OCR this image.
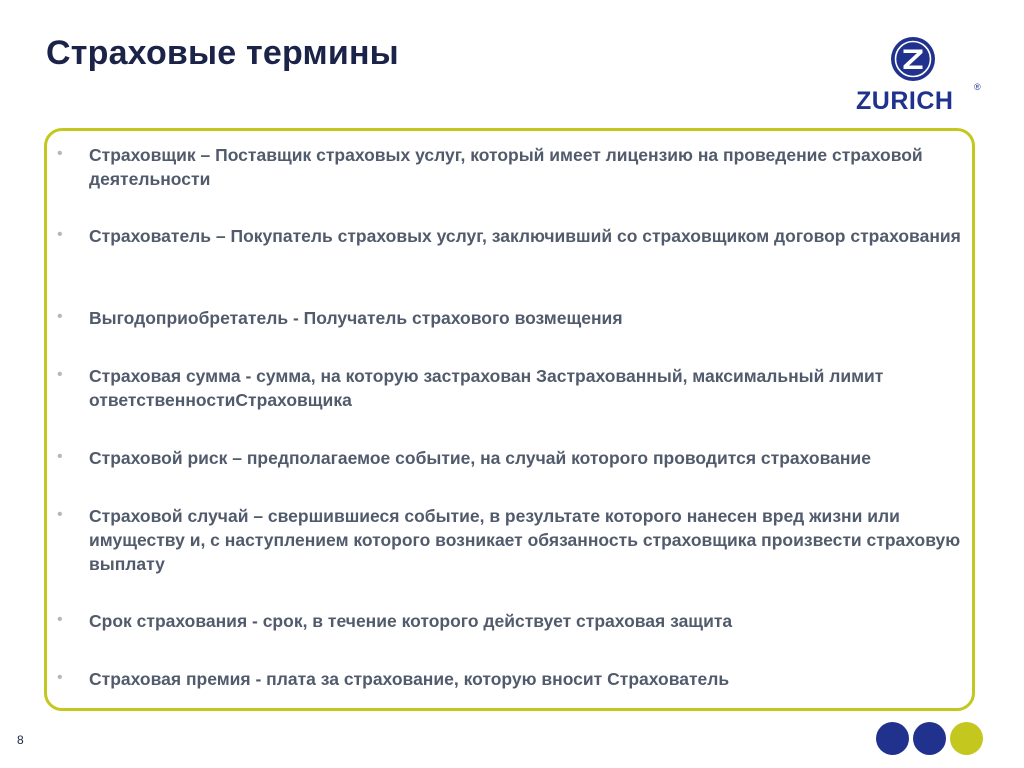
Страховые термины
ZURICH ®
• Страховщик – Поставщик страховых услуг, который имеет лицензию на проведение страховой деятельности
• Страхователь – Покупатель страховых услуг, заключивший со страховщиком договор страхования
• Выгодоприобретатель - Получатель страхового возмещения
• Страховая сумма - сумма, на которую застрахован Застрахованный, максимальный лимит ответственностиСтраховщика
• Страховой риск – предполагаемое событие, на случай которого проводится страхование
• Страховой случай – свершившиеся событие, в результате которого нанесен вред жизни или имуществу и, с наступлением которого возникает обязанность страховщика произвести страховую выплату
• Срок страхования - срок, в течение которого действует страховая защита
• Страховая премия - плата за страхование, которую вносит Страхователь
8
